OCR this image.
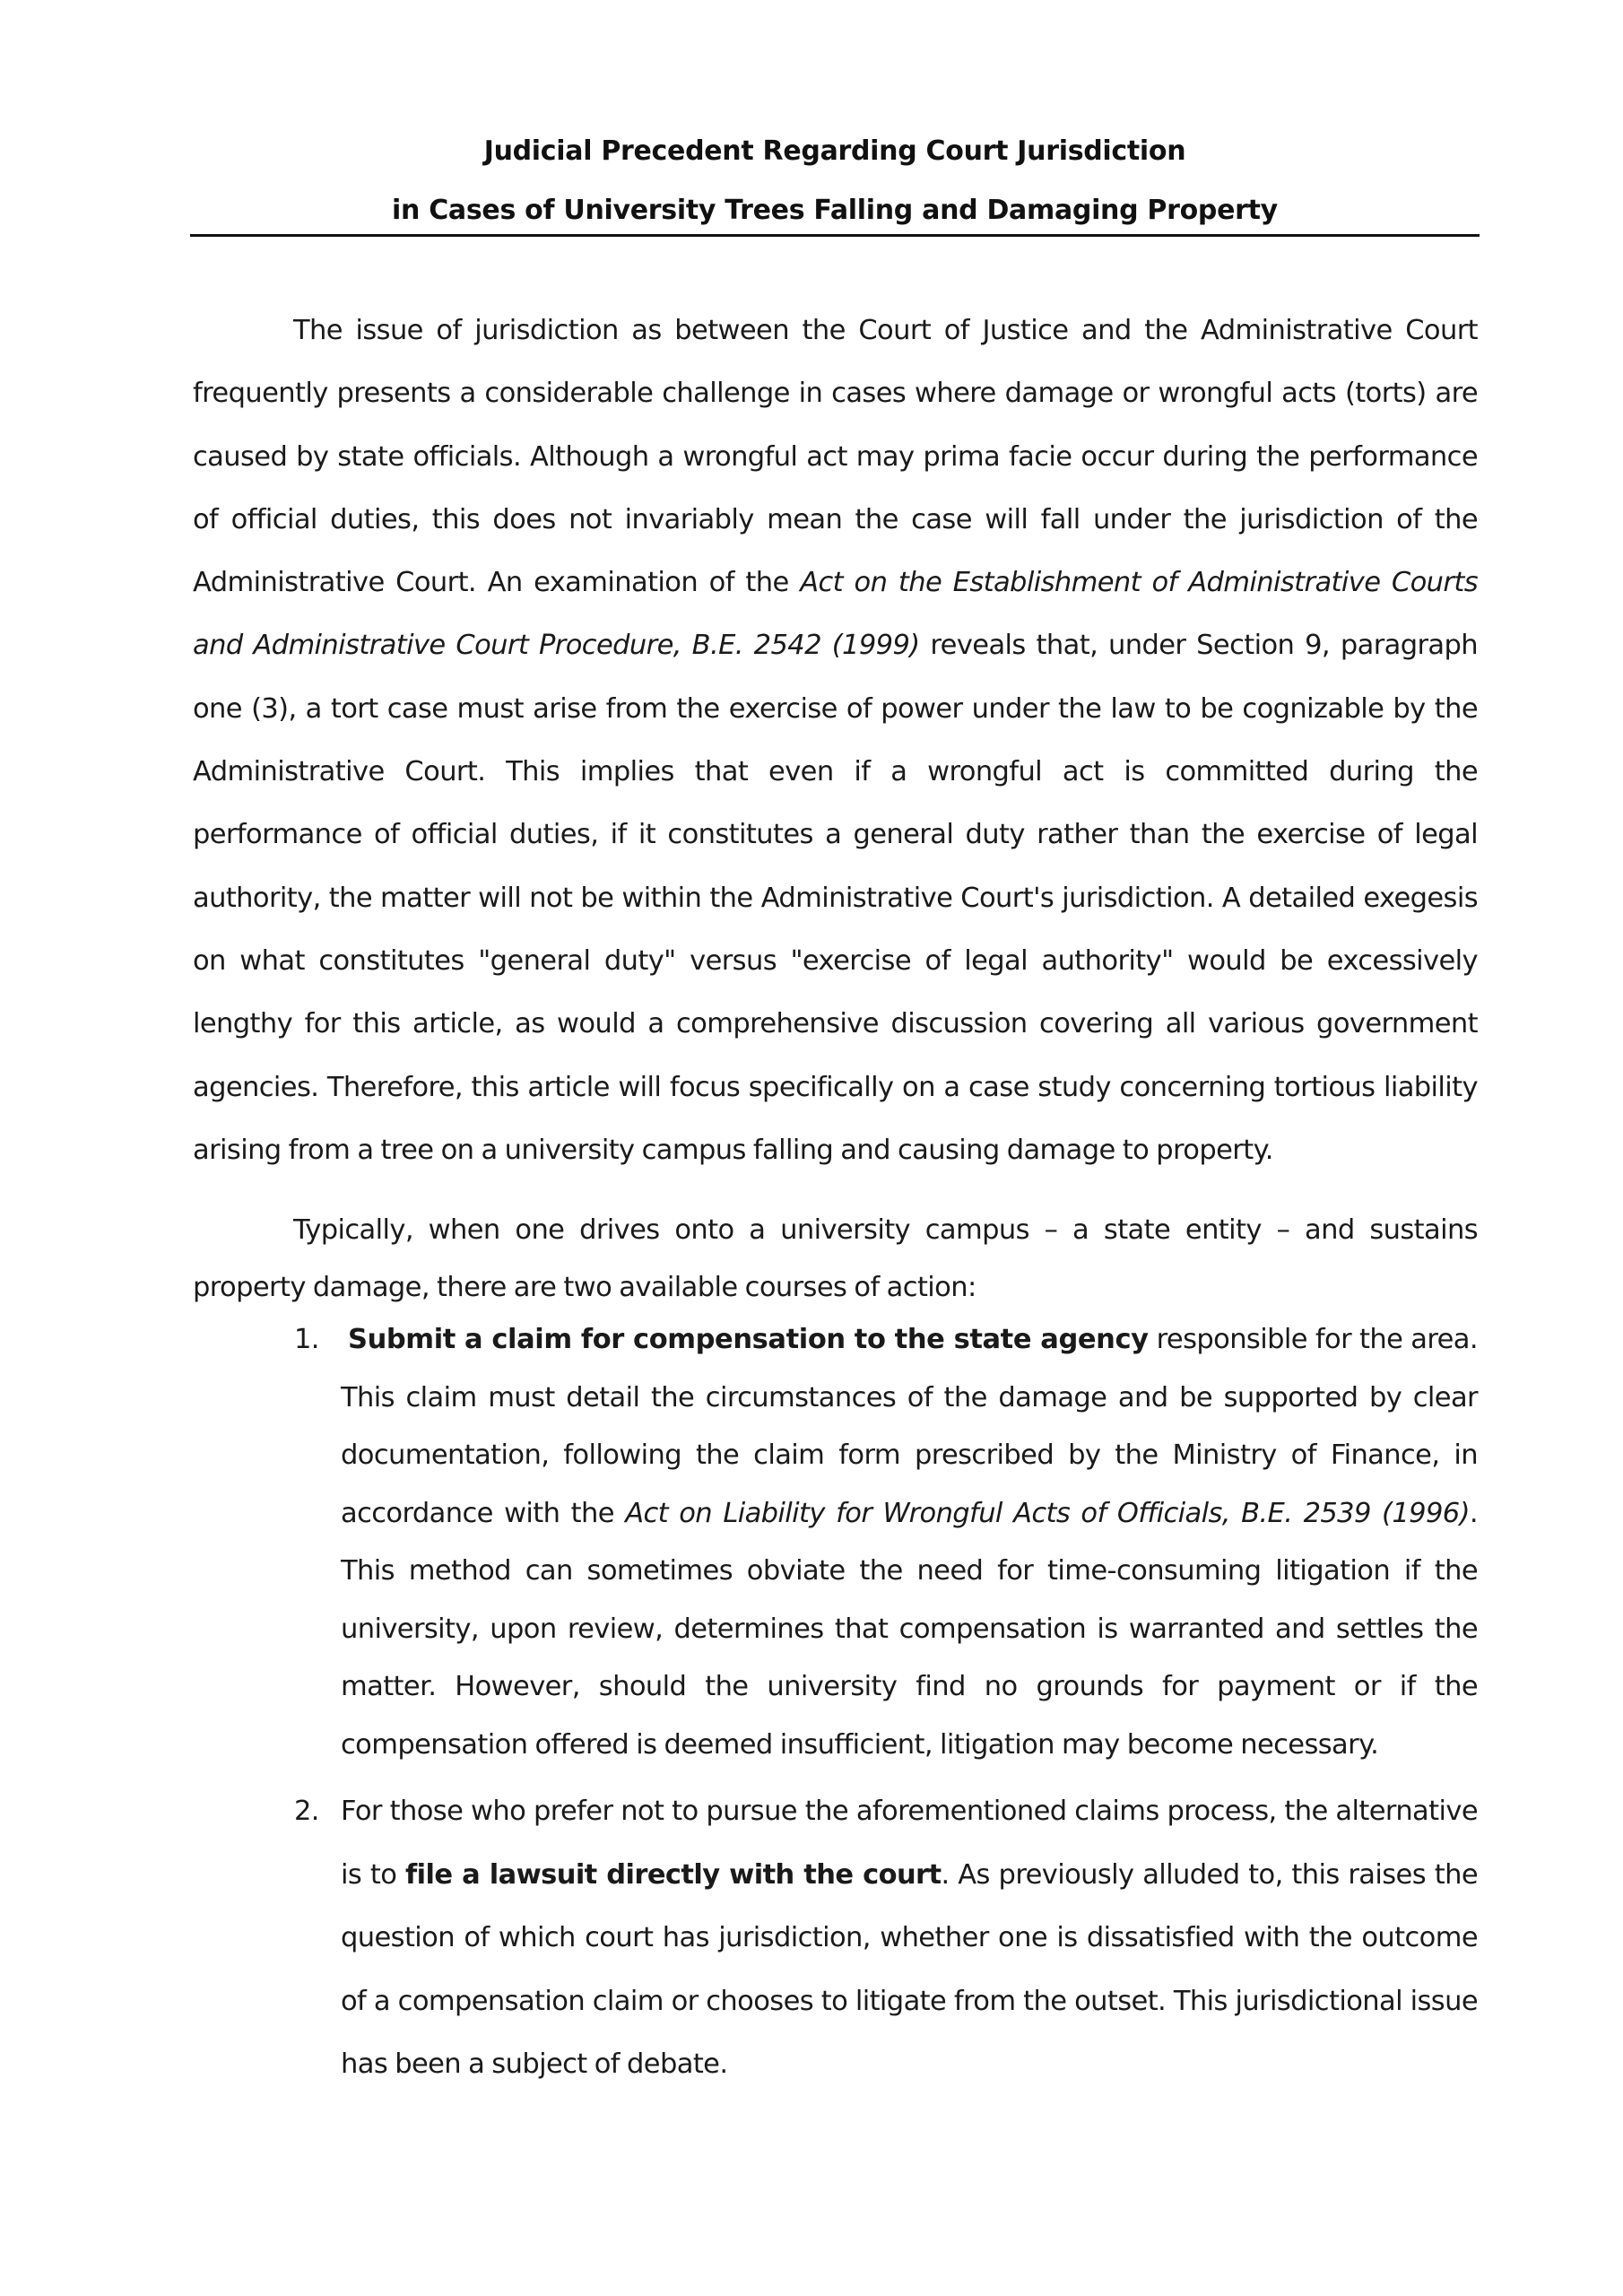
Judicial Precedent Regarding Court Jurisdiction
in Cases of University Trees Falling and Damaging Property

The issue of jurisdiction as between the Court of Justice and the Administrative Court frequently presents a considerable challenge in cases where damage or wrongful acts (torts) are caused by state officials. Although a wrongful act may prima facie occur during the performance of official duties, this does not invariably mean the case will fall under the jurisdiction of the Administrative Court. An examination of the Act on the Establishment of Administrative Courts and Administrative Court Procedure, B.E. 2542 (1999) reveals that, under Section 9, paragraph one (3), a tort case must arise from the exercise of power under the law to be cognizable by the Administrative Court. This implies that even if a wrongful act is committed during the performance of official duties, if it constitutes a general duty rather than the exercise of legal authority, the matter will not be within the Administrative Court's jurisdiction. A detailed exegesis on what constitutes "general duty" versus "exercise of legal authority" would be excessively lengthy for this article, as would a comprehensive discussion covering all various government agencies. Therefore, this article will focus specifically on a case study concerning tortious liability arising from a tree on a university campus falling and causing damage to property.

Typically, when one drives onto a university campus – a state entity – and sustains property damage, there are two available courses of action:

1. Submit a claim for compensation to the state agency responsible for the area. This claim must detail the circumstances of the damage and be supported by clear documentation, following the claim form prescribed by the Ministry of Finance, in accordance with the Act on Liability for Wrongful Acts of Officials, B.E. 2539 (1996). This method can sometimes obviate the need for time-consuming litigation if the university, upon review, determines that compensation is warranted and settles the matter. However, should the university find no grounds for payment or if the compensation offered is deemed insufficient, litigation may become necessary.
2. For those who prefer not to pursue the aforementioned claims process, the alternative is to file a lawsuit directly with the court. As previously alluded to, this raises the question of which court has jurisdiction, whether one is dissatisfied with the outcome of a compensation claim or chooses to litigate from the outset. This jurisdictional issue has been a subject of debate.
